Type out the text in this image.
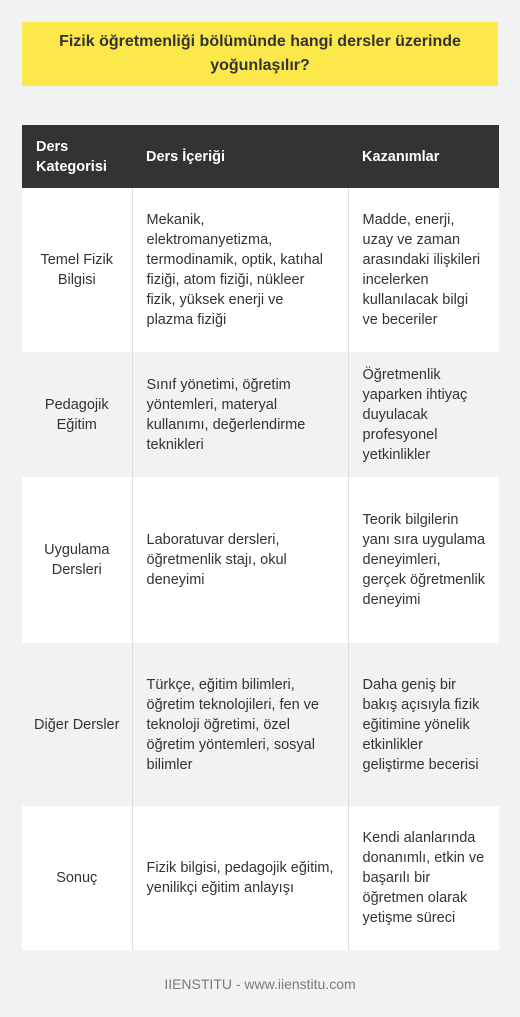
Fizik öğretmenliği bölümünde hangi dersler üzerinde yoğunlaşılır?
Ders Kategorisi	Ders İçeriği	Kazanımlar
Temel Fizik Bilgisi	Mekanik, elektromanyetizma, termodinamik, optik, katıhal fiziği, atom fiziği, nükleer fizik, yüksek enerji ve plazma fiziği	Madde, enerji, uzay ve zaman arasındaki ilişkileri incelerken kullanılacak bilgi ve beceriler
Pedagojik Eğitim	Sınıf yönetimi, öğretim yöntemleri, materyal kullanımı, değerlendirme teknikleri	Öğretmenlik yaparken ihtiyaç duyulacak profesyonel yetkinlikler
Uygulama Dersleri	Laboratuvar dersleri, öğretmenlik stajı, okul deneyimi	Teorik bilgilerin yanı sıra uygulama deneyimleri, gerçek öğretmenlik deneyimi
Diğer Dersler	Türkçe, eğitim bilimleri, öğretim teknolojileri, fen ve teknoloji öğretimi, özel öğretim yöntemleri, sosyal bilimler	Daha geniş bir bakış açısıyla fizik eğitimine yönelik etkinlikler geliştirme becerisi
Sonuç	Fizik bilgisi, pedagojik eğitim, yenilikçi eğitim anlayışı	Kendi alanlarında donanımlı, etkin ve başarılı bir öğretmen olarak yetişme süreci
IIENSTITU - www.iienstitu.com
